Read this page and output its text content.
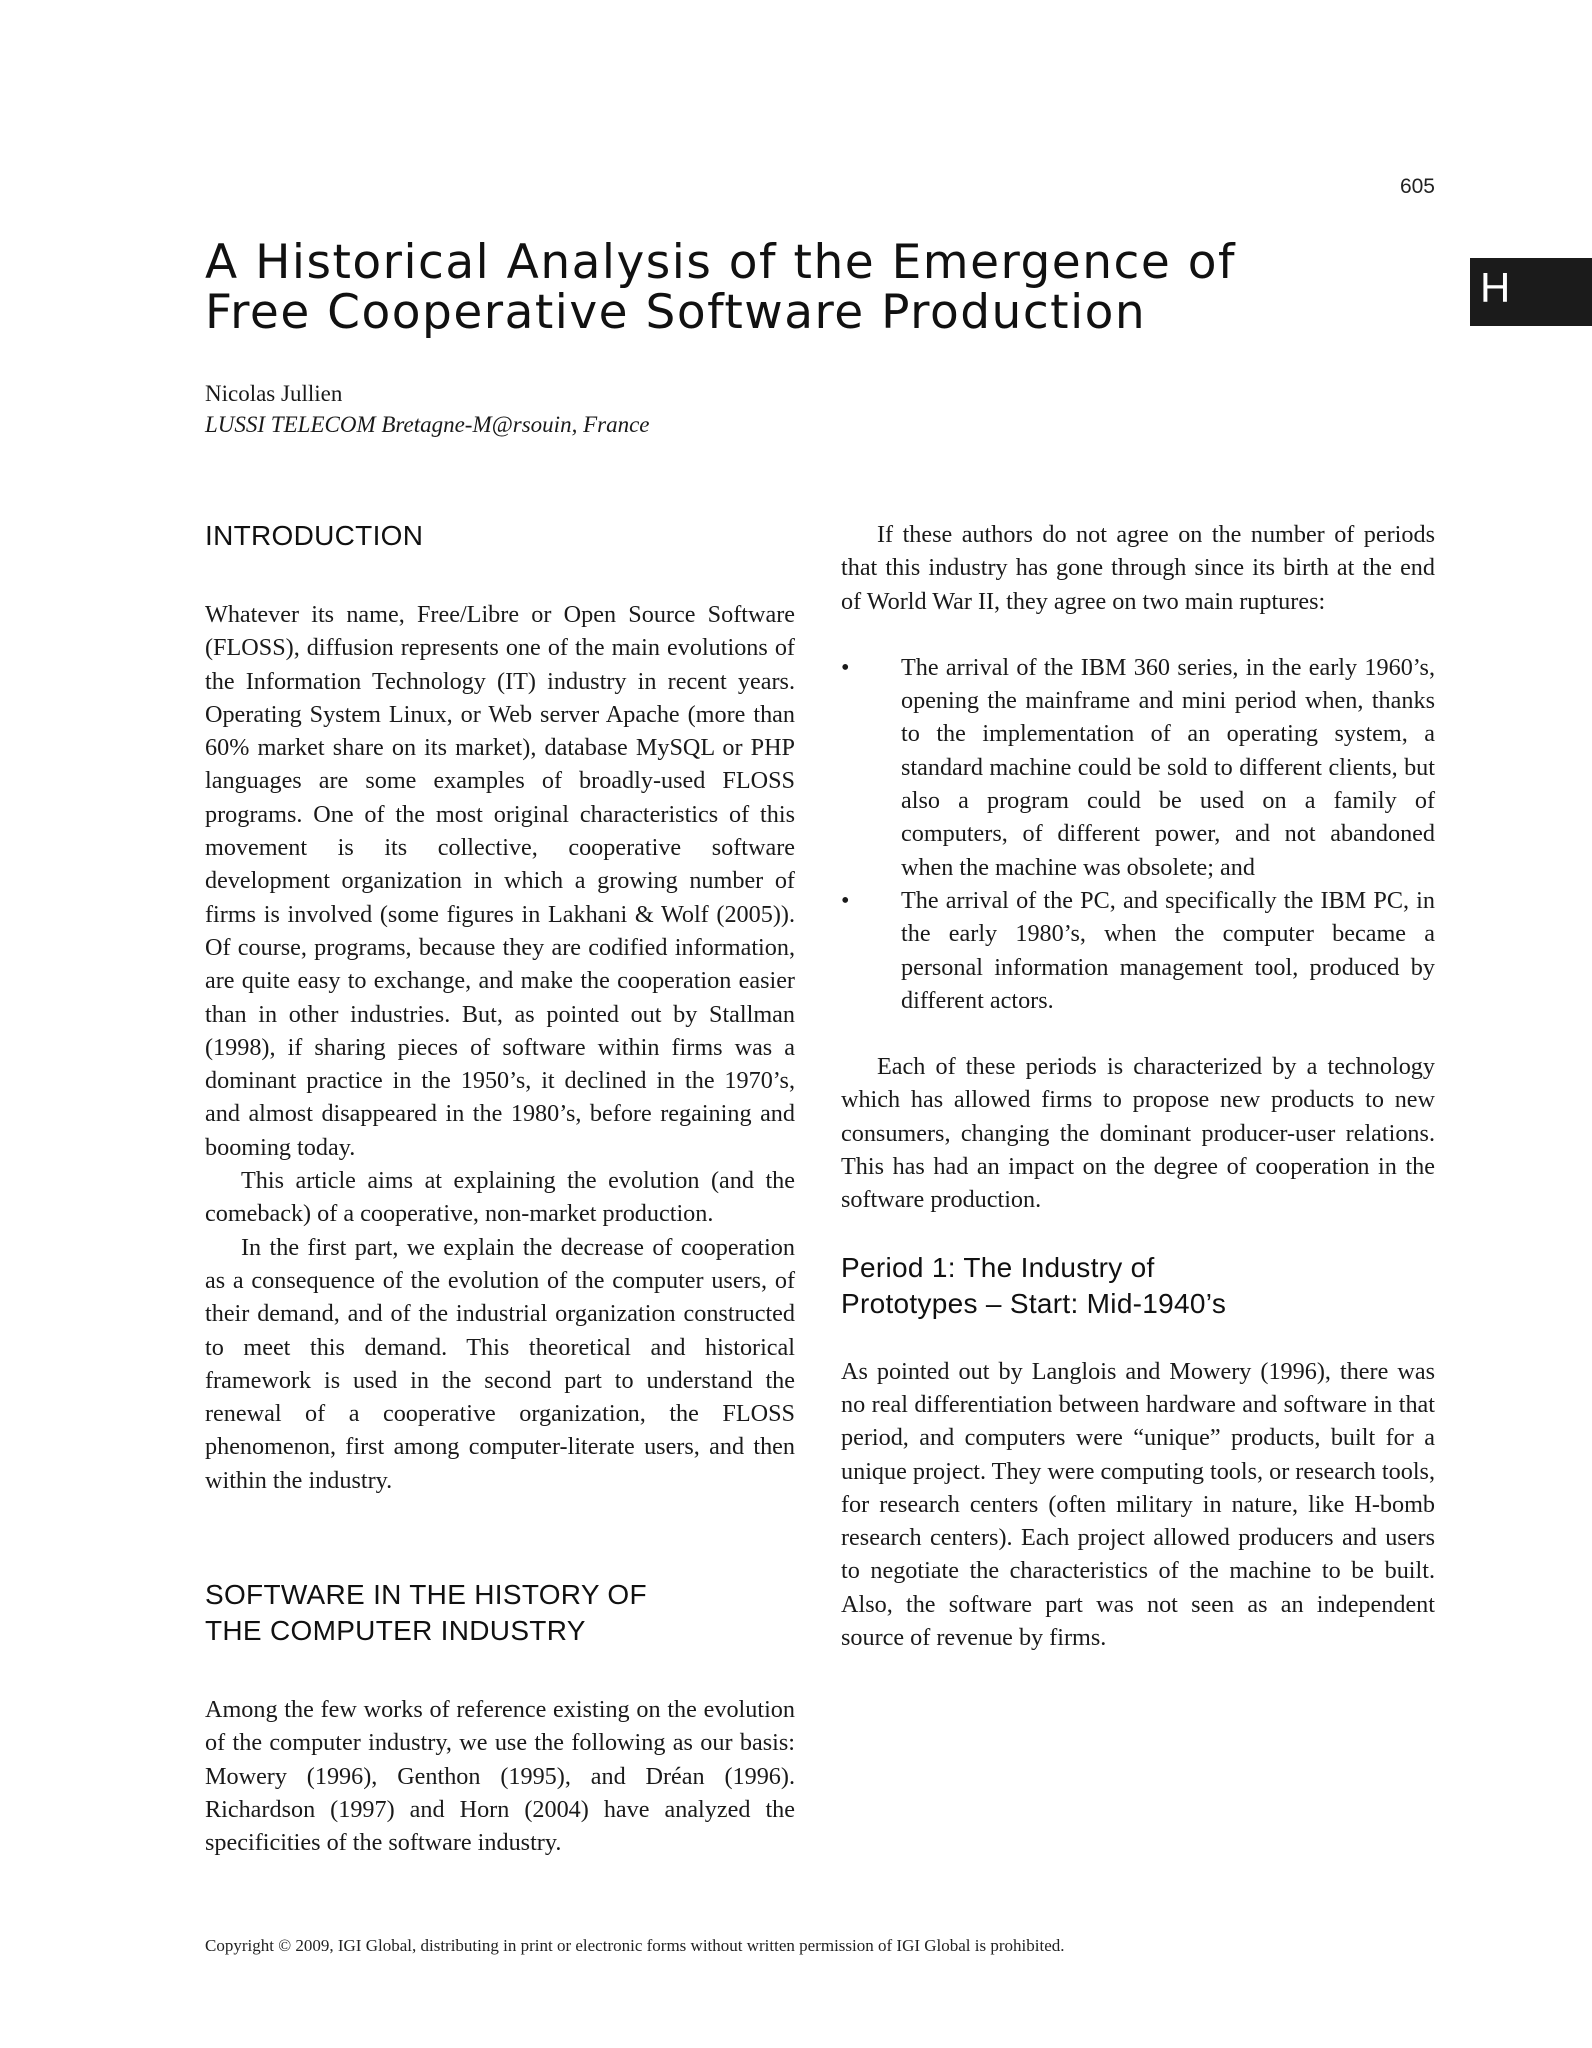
605
H
A Historical Analysis of the Emergence of
Free Cooperative Software Production
Nicolas Jullien
LUSSI TELECOM Bretagne-M@rsouin, France
INTRODUCTION

Whatever its name, Free/Libre or Open Source Software (FLOSS), diffusion represents one of the main evolutions of the Information Technology (IT) industry in recent years. Operating System Linux, or Web server Apache (more than 60% market share on its market), database MySQL or PHP languages are some examples of broadly-used FLOSS programs. One of the most original characteristics of this movement is its collective, cooperative software development organization in which a growing number of firms is involved (some figures in Lakhani & Wolf (2005)). Of course, programs, because they are codified information, are quite easy to exchange, and make the cooperation easier than in other industries. But, as pointed out by Stallman (1998), if sharing pieces of software within firms was a dominant practice in the 1950’s, it declined in the 1970’s, and almost disappeared in the 1980’s, before regaining and booming today.

This article aims at explaining the evolution (and the comeback) of a cooperative, non-market production.

In the first part, we explain the decrease of cooperation as a consequence of the evolution of the computer users, of their demand, and of the industrial organization constructed to meet this demand. This theoretical and historical framework is used in the second part to understand the renewal of a cooperative organization, the FLOSS phenomenon, first among computer-literate users, and then within the industry.

SOFTWARE IN THE HISTORY OF
THE COMPUTER INDUSTRY

Among the few works of reference existing on the evolution of the computer industry, we use the following as our basis: Mowery (1996), Genthon (1995), and Dréan (1996). Richardson (1997) and Horn (2004) have analyzed the specificities of the software industry.

If these authors do not agree on the number of periods that this industry has gone through since its birth at the end of World War II, they agree on two main ruptures:

• The arrival of the IBM 360 series, in the early 1960’s, opening the mainframe and mini period when, thanks to the implementation of an operating system, a standard machine could be sold to different clients, but also a program could be used on a family of computers, of different power, and not abandoned when the machine was obsolete; and
• The arrival of the PC, and specifically the IBM PC, in the early 1980’s, when the computer became a personal information management tool, produced by different actors.

Each of these periods is characterized by a technology which has allowed firms to propose new products to new consumers, changing the dominant producer-user relations. This has had an impact on the degree of cooperation in the software production.

Period 1: The Industry of
Prototypes – Start: Mid-1940’s

As pointed out by Langlois and Mowery (1996), there was no real differentiation between hardware and software in that period, and computers were “unique” products, built for a unique project. They were computing tools, or research tools, for research centers (often military in nature, like H-bomb research centers). Each project allowed producers and users to negotiate the characteristics of the machine to be built. Also, the software part was not seen as an independent source of revenue by firms.

Copyright © 2009, IGI Global, distributing in print or electronic forms without written permission of IGI Global is prohibited.
